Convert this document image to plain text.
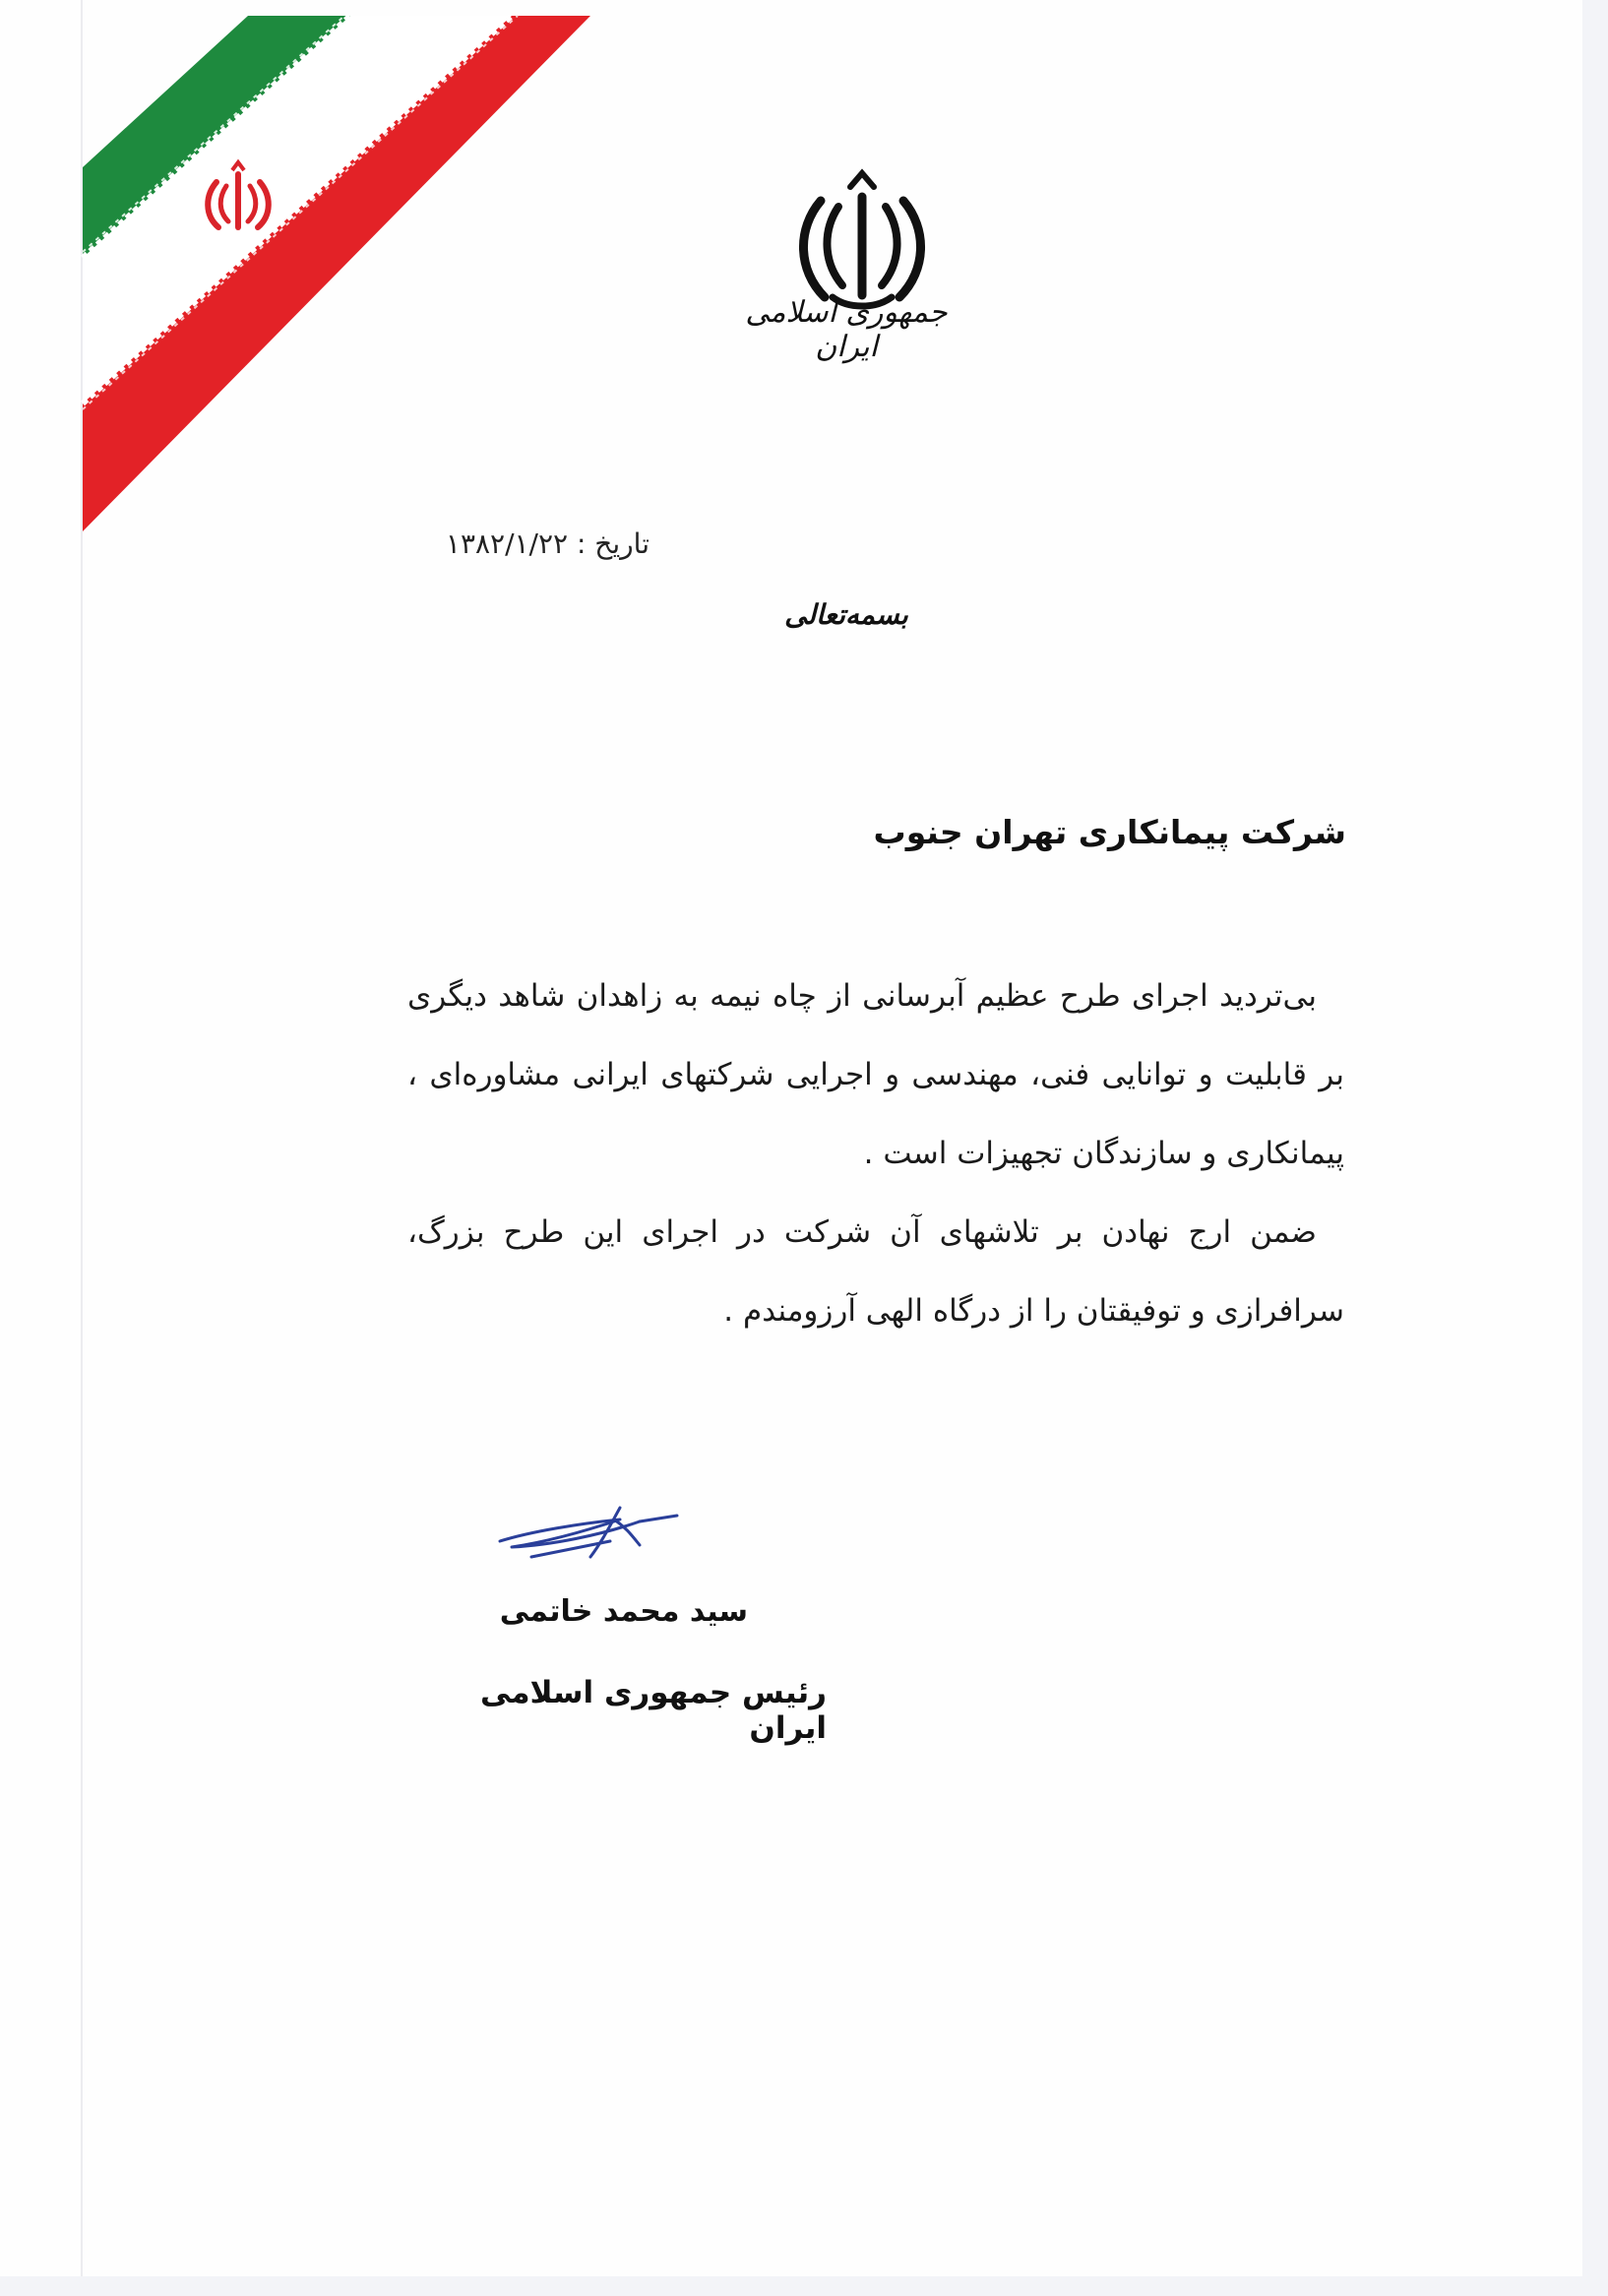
جمهوری اسلامی ایران
تاریخ : ۱۳۸۲/۱/۲۲
بسمه‌تعالی
شرکت پیمانکاری تهران جنوب

بی‌تردید اجرای طرح عظیم آبرسانی از چاه نیمه به زاهدان شاهد دیگری بر قابلیت و توانایی فنی، مهندسی و اجرایی شرکتهای ایرانی مشاوره‌ای ، پیمانکاری و سازندگان تجهیزات است .

ضمن ارج نهادن بر تلاشهای آن شرکت در اجرای این طرح بزرگ، سرافرازی و توفیقتان را از درگاه الهی آرزومندم .

سید محمد خاتمی
رئیس جمهوری اسلامی ایران
